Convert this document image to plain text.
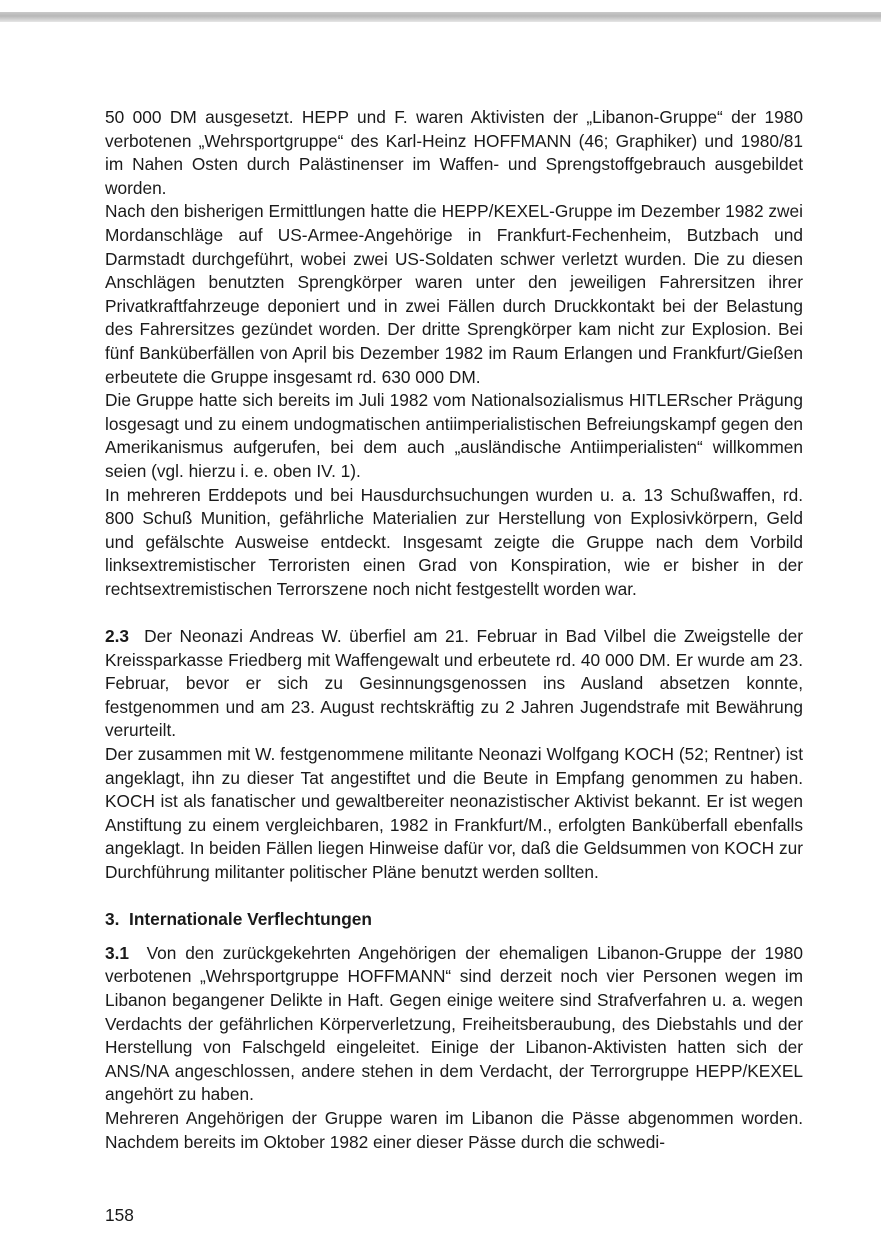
50 000 DM ausgesetzt. HEPP und F. waren Aktivisten der „Libanon-Gruppe“ der 1980 verbotenen „Wehrsportgruppe“ des Karl-Heinz HOFFMANN (46; Graphiker) und 1980/81 im Nahen Osten durch Palästinenser im Waffen- und Sprengstoffgebrauch ausgebildet worden.

Nach den bisherigen Ermittlungen hatte die HEPP/KEXEL-Gruppe im Dezember 1982 zwei Mordanschläge auf US-Armee-Angehörige in Frankfurt-Fechenheim, Butzbach und Darmstadt durchgeführt, wobei zwei US-Soldaten schwer verletzt wurden. Die zu diesen Anschlägen benutzten Sprengkörper waren unter den jeweiligen Fahrersitzen ihrer Privatkraftfahrzeuge deponiert und in zwei Fällen durch Druckkontakt bei der Belastung des Fahrersitzes gezündet worden. Der dritte Sprengkörper kam nicht zur Explosion. Bei fünf Banküberfällen von April bis Dezember 1982 im Raum Erlangen und Frankfurt/Gießen erbeutete die Gruppe insgesamt rd. 630 000 DM.

Die Gruppe hatte sich bereits im Juli 1982 vom Nationalsozialismus HITLERscher Prägung losgesagt und zu einem undogmatischen antiimperialistischen Befreiungskampf gegen den Amerikanismus aufgerufen, bei dem auch „ausländische Antiimperialisten“ willkommen seien (vgl. hierzu i. e. oben IV. 1).

In mehreren Erddepots und bei Hausdurchsuchungen wurden u. a. 13 Schußwaffen, rd. 800 Schuß Munition, gefährliche Materialien zur Herstellung von Explosivkörpern, Geld und gefälschte Ausweise entdeckt. Insgesamt zeigte die Gruppe nach dem Vorbild linksextremistischer Terroristen einen Grad von Konspiration, wie er bisher in der rechtsextremistischen Terrorszene noch nicht festgestellt worden war.

2.3 Der Neonazi Andreas W. überfiel am 21. Februar in Bad Vilbel die Zweigstelle der Kreissparkasse Friedberg mit Waffengewalt und erbeutete rd. 40 000 DM. Er wurde am 23. Februar, bevor er sich zu Gesinnungsgenossen ins Ausland absetzen konnte, festgenommen und am 23. August rechtskräftig zu 2 Jahren Jugendstrafe mit Bewährung verurteilt.

Der zusammen mit W. festgenommene militante Neonazi Wolfgang KOCH (52; Rentner) ist angeklagt, ihn zu dieser Tat angestiftet und die Beute in Empfang genommen zu haben. KOCH ist als fanatischer und gewaltbereiter neonazistischer Aktivist bekannt. Er ist wegen Anstiftung zu einem vergleichbaren, 1982 in Frankfurt/M., erfolgten Banküberfall ebenfalls angeklagt. In beiden Fällen liegen Hinweise dafür vor, daß die Geldsummen von KOCH zur Durchführung militanter politischer Pläne benutzt werden sollten.

3.  Internationale Verflechtungen

3.1 Von den zurückgekehrten Angehörigen der ehemaligen Libanon-Gruppe der 1980 verbotenen „Wehrsportgruppe HOFFMANN“ sind derzeit noch vier Personen wegen im Libanon begangener Delikte in Haft. Gegen einige weitere sind Strafverfahren u. a. wegen Verdachts der gefährlichen Körperverletzung, Freiheitsberaubung, des Diebstahls und der Herstellung von Falschgeld eingeleitet. Einige der Libanon-Aktivisten hatten sich der ANS/NA angeschlossen, andere stehen in dem Verdacht, der Terrorgruppe HEPP/KEXEL angehört zu haben.

Mehreren Angehörigen der Gruppe waren im Libanon die Pässe abgenommen worden. Nachdem bereits im Oktober 1982 einer dieser Pässe durch die schwedi-

158
